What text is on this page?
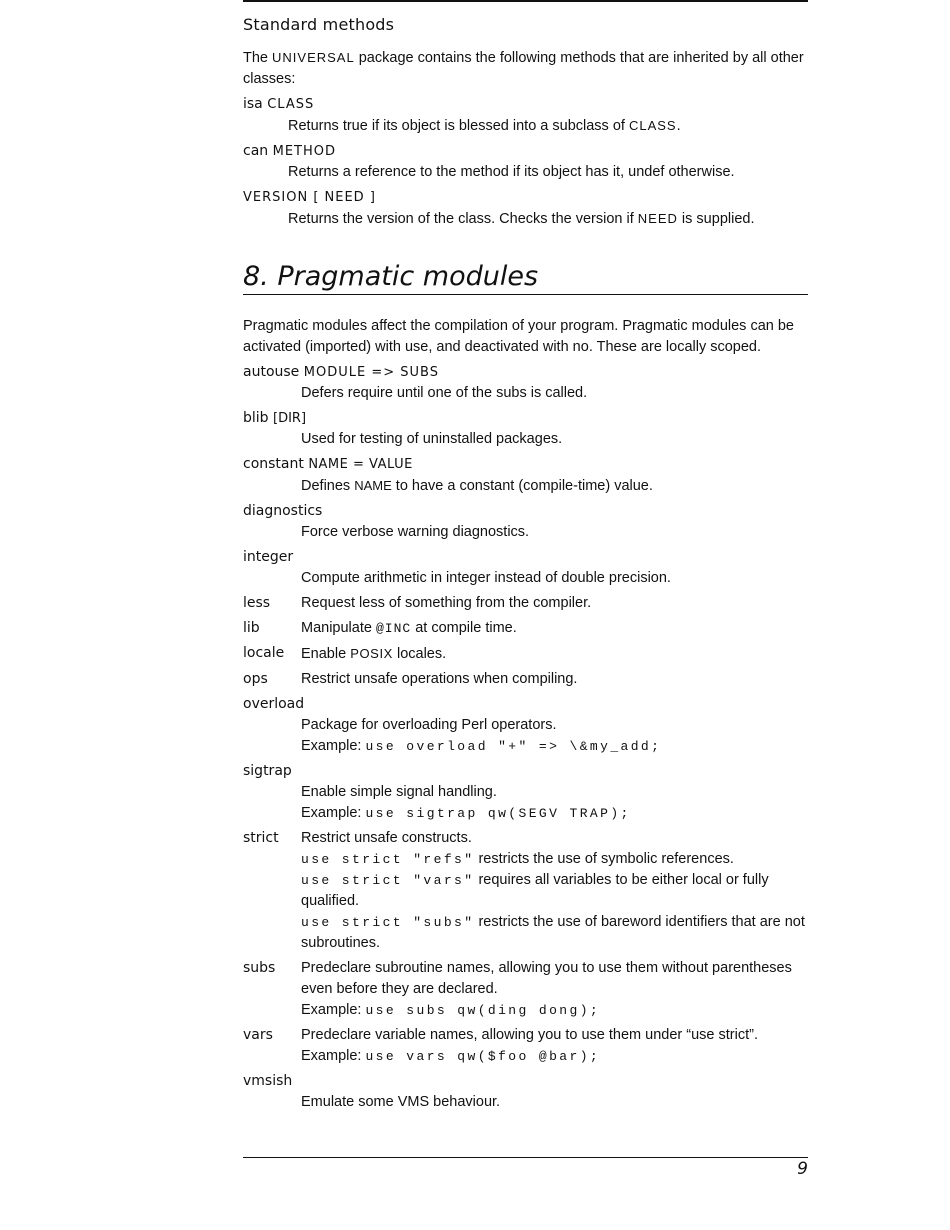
Standard methods
The UNIVERSAL package contains the following methods that are inherited by all other classes:
isa CLASS
Returns true if its object is blessed into a subclass of CLASS.
can METHOD
Returns a reference to the method if its object has it, undef otherwise.
VERSION [ NEED ]
Returns the version of the class. Checks the version if NEED is supplied.
8. Pragmatic modules
Pragmatic modules affect the compilation of your program. Pragmatic modules can be activated (imported) with use, and deactivated with no. These are locally scoped.
autouse MODULE => SUBS
Defers require until one of the subs is called.
blib [DIR]
Used for testing of uninstalled packages.
constant NAME = VALUE
Defines NAME to have a constant (compile-time) value.
diagnostics
Force verbose warning diagnostics.
integer
Compute arithmetic in integer instead of double precision.
less	Request less of something from the compiler.
lib	Manipulate @INC at compile time.
locale	Enable POSIX locales.
ops	Restrict unsafe operations when compiling.
overload
Package for overloading Perl operators.
Example: use overload "+" => \&my_add;
sigtrap
Enable simple signal handling.
Example: use sigtrap qw(SEGV TRAP);
strict	Restrict unsafe constructs.
use strict "refs" restricts the use of symbolic references.
use strict "vars" requires all variables to be either local or fully qualified.
use strict "subs" restricts the use of bareword identifiers that are not subroutines.
subs	Predeclare subroutine names, allowing you to use them without parentheses even before they are declared.
Example: use subs qw(ding dong);
vars	Predeclare variable names, allowing you to use them under “use strict”.
Example: use vars qw($foo @bar);
vmsish
Emulate some VMS behaviour.
9
